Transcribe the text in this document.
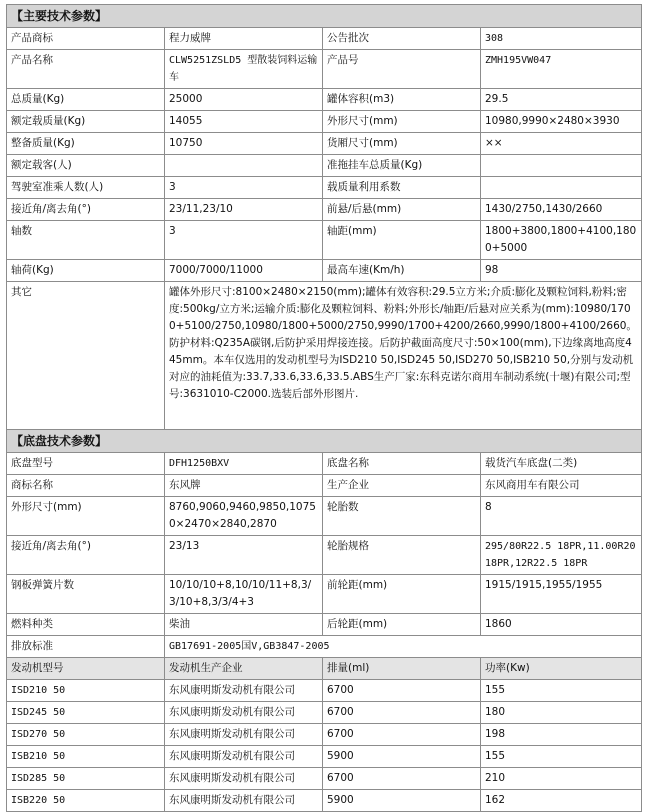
【主要技术参数】			
产品商标	程力威牌	公告批次	308
产品名称	CLW5251ZSLD5 型散装饲料运输车	产品号	ZMH195VW047
总质量(Kg)	25000	罐体容积(m3)	29.5
额定载质量(Kg)	14055	外形尺寸(mm)	10980,9990×2480×3930
整备质量(Kg)	10750	货厢尺寸(mm)	××
额定载客(人)		准拖挂车总质量(Kg)	
驾驶室准乘人数(人)	3	载质量利用系数	
接近角/离去角(°)	23/11,23/10	前悬/后悬(mm)	1430/2750,1430/2660
轴数	3	轴距(mm)	1800+3800,1800+4100,1800+5000
轴荷(Kg)	7000/7000/11000	最高车速(Km/h)	98
其它	罐体外形尺寸:8100×2480×2150(mm);罐体有效容积:29.5立方米;介质:膨化及颗粒饲料,粉料;密度:500kg/立方米;运输介质:膨化及颗粒饲料、粉料;外形长/轴距/后悬对应关系为(mm):10980/1700+5100/2750,10980/1800+5000/2750,9990/1700+4200/2660,9990/1800+4100/2660。防护材料:Q235A碳钢,后防护采用焊接连接。后防护截面高度尺寸:50×100(mm),下边缘离地高度445mm。本车仅选用的发动机型号为ISD210 50,ISD245 50,ISD270 50,ISB210 50,分别与发动机对应的油耗值为:33.7,33.6,33.6,33.5.ABS生产厂家:东科克诺尔商用车制动系统(十堰)有限公司;型号:3631010-C2000.选装后部外形图片.		
【底盘技术参数】			
底盘型号	DFH1250BXV	底盘名称	载货汽车底盘(二类)
商标名称	东风牌	生产企业	东风商用车有限公司
外形尺寸(mm)	8760,9060,9460,9850,10750×2470×2840,2870	轮胎数	8
接近角/离去角(°)	23/13	轮胎规格	295/80R22.5 18PR,11.00R20 18PR,12R22.5 18PR
钢板弹簧片数	10/10/10+8,10/10/11+8,3/3/10+8,3/3/4+3	前轮距(mm)	1915/1915,1955/1955
燃料种类	柴油	后轮距(mm)	1860
排放标准	GB17691-2005国V,GB3847-2005		
发动机型号	发动机生产企业	排量(ml)	功率(Kw)
ISD210 50	东风康明斯发动机有限公司	6700	155
ISD245 50	东风康明斯发动机有限公司	6700	180
ISD270 50	东风康明斯发动机有限公司	6700	198
ISB210 50	东风康明斯发动机有限公司	5900	155
ISD285 50	东风康明斯发动机有限公司	6700	210
ISB220 50	东风康明斯发动机有限公司	5900	162
